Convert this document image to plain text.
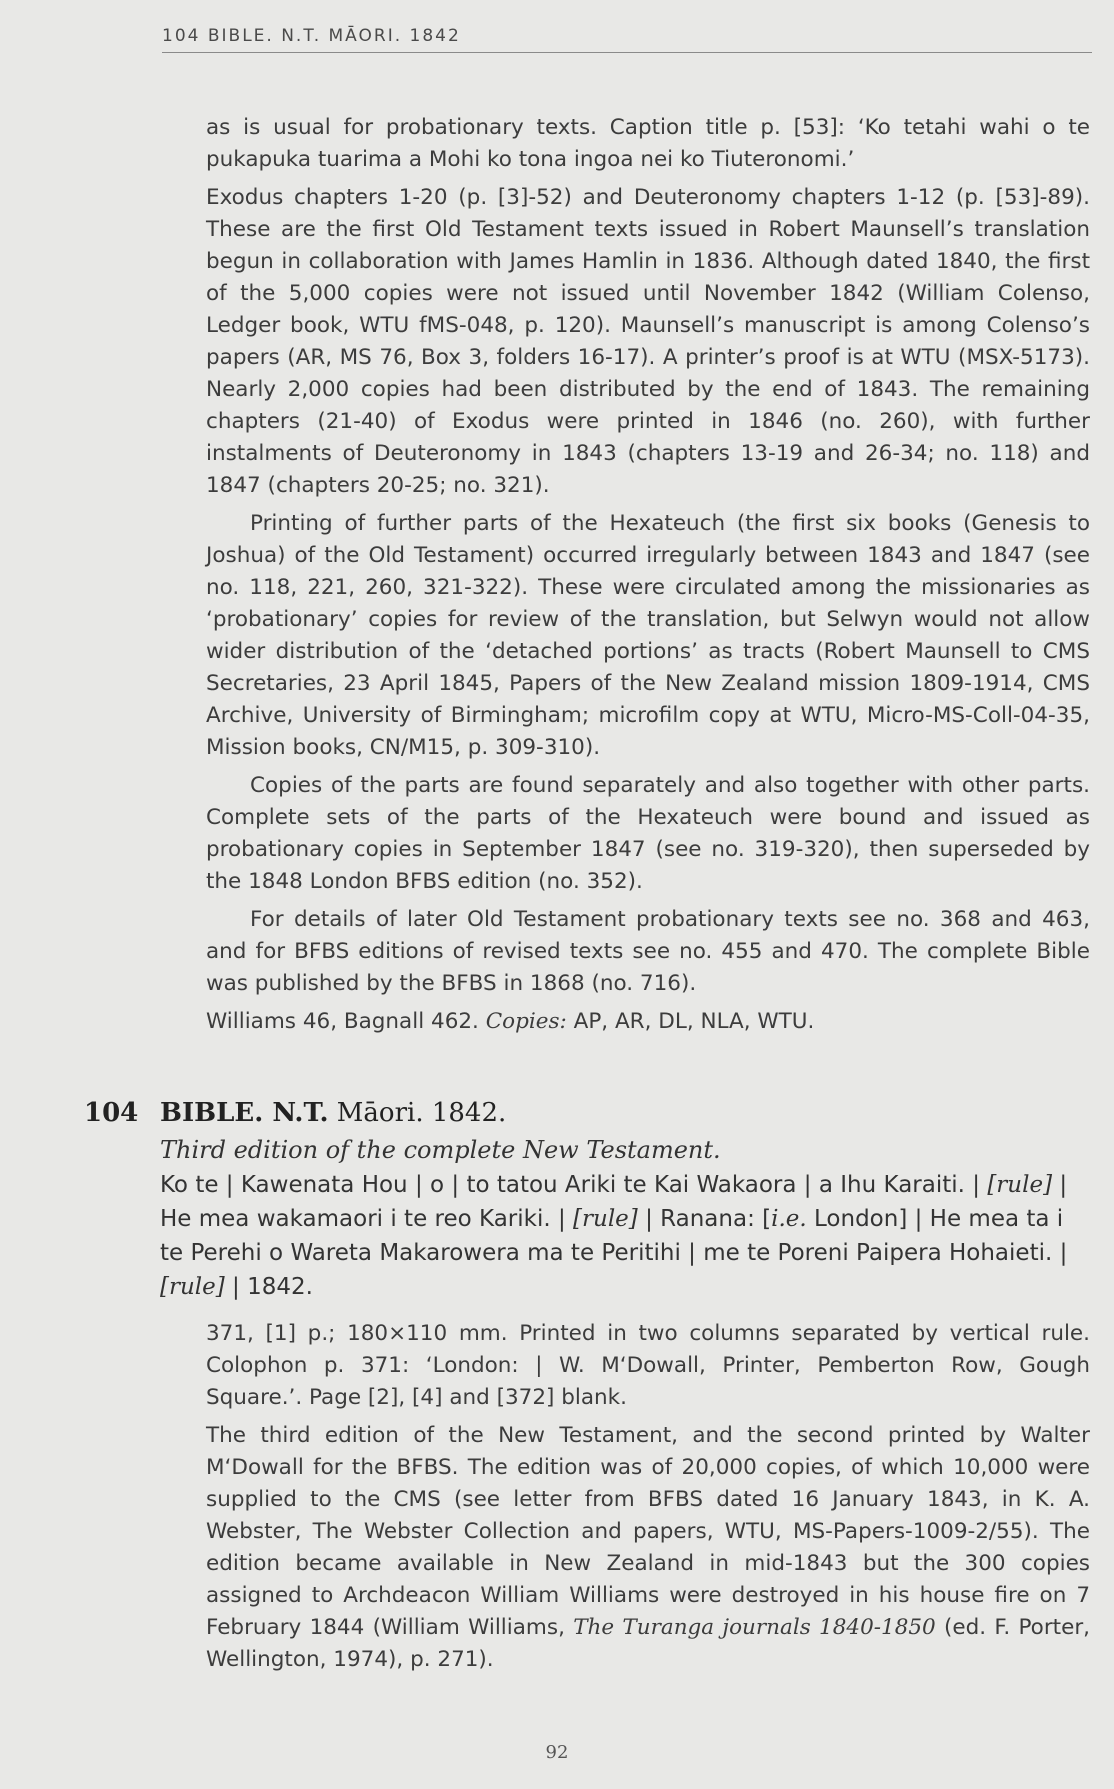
104 BIBLE. N.T. MĀORI. 1842

as is usual for probationary texts. Caption title p. [53]: ‘Ko tetahi wahi o te pukapuka tuarima a Mohi ko tona ingoa nei ko Tiuteronomi.’

Exodus chapters 1-20 (p. [3]-52) and Deuteronomy chapters 1-12 (p. [53]-89). These are the first Old Testament texts issued in Robert Maunsell’s translation begun in collaboration with James Hamlin in 1836. Although dated 1840, the first of the 5,000 copies were not issued until November 1842 (William Colenso, Ledger book, WTU fMS-048, p. 120). Maunsell’s manuscript is among Colenso’s papers (AR, MS 76, Box 3, folders 16-17). A printer’s proof is at WTU (MSX-5173). Nearly 2,000 copies had been distributed by the end of 1843. The remaining chapters (21-40) of Exodus were printed in 1846 (no. 260), with further instalments of Deuteronomy in 1843 (chapters 13-19 and 26-34; no. 118) and 1847 (chapters 20-25; no. 321).

Printing of further parts of the Hexateuch (the first six books (Genesis to Joshua) of the Old Testament) occurred irregularly between 1843 and 1847 (see no. 118, 221, 260, 321-322). These were circulated among the missionaries as ‘probationary’ copies for review of the translation, but Selwyn would not allow wider distribution of the ‘detached portions’ as tracts (Robert Maunsell to CMS Secretaries, 23 April 1845, Papers of the New Zealand mission 1809-1914, CMS Archive, University of Birmingham; microfilm copy at WTU, Micro-MS-Coll-04-35, Mission books, CN/M15, p. 309-310).

Copies of the parts are found separately and also together with other parts. Complete sets of the parts of the Hexateuch were bound and issued as probationary copies in September 1847 (see no. 319-320), then superseded by the 1848 London BFBS edition (no. 352).

For details of later Old Testament probationary texts see no. 368 and 463, and for BFBS editions of revised texts see no. 455 and 470. The complete Bible was published by the BFBS in 1868 (no. 716).

Williams 46, Bagnall 462. Copies: AP, AR, DL, NLA, WTU.

104 BIBLE. N.T. Māori. 1842.
Third edition of the complete New Testament.

Ko te | Kawenata Hou | o | to tatou Ariki te Kai Wakaora | a Ihu Karaiti. | [rule] | He mea wakamaori i te reo Kariki. | [rule] | Ranana: [i.e. London] | He mea ta i te Perehi o Wareta Makarowera ma te Peritihi | me te Poreni Paipera Hohaieti. | [rule] | 1842.

371, [1] p.; 180×110 mm. Printed in two columns separated by vertical rule. Colophon p. 371: ‘London: | W. M‘Dowall, Printer, Pemberton Row, Gough Square.’. Page [2], [4] and [372] blank.

The third edition of the New Testament, and the second printed by Walter M‘Dowall for the BFBS. The edition was of 20,000 copies, of which 10,000 were supplied to the CMS (see letter from BFBS dated 16 January 1843, in K. A. Webster, The Webster Collection and papers, WTU, MS-Papers-1009-2/55). The edition became available in New Zealand in mid-1843 but the 300 copies assigned to Archdeacon William Williams were destroyed in his house fire on 7 February 1844 (William Williams, The Turanga journals 1840-1850 (ed. F. Porter, Wellington, 1974), p. 271).

92
